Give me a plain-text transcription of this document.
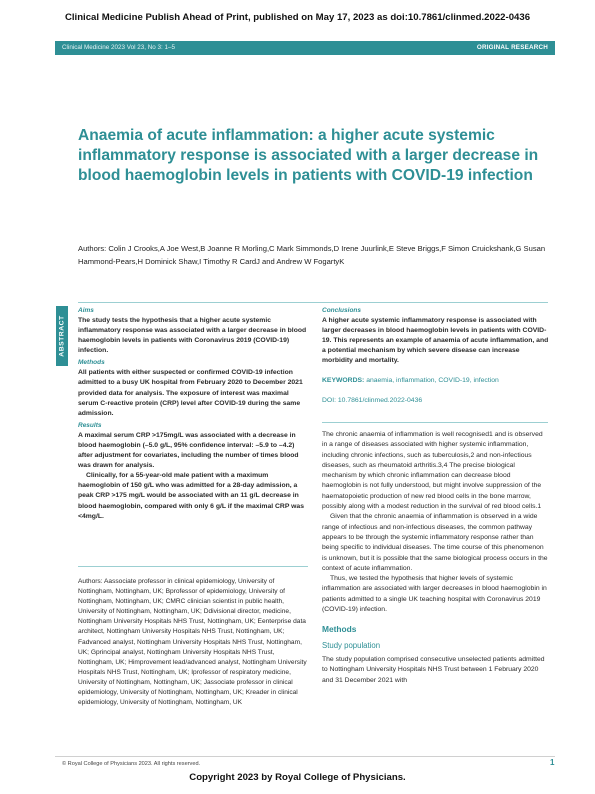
Clinical Medicine Publish Ahead of Print, published on May 17, 2023 as doi:10.7861/clinmed.2022-0436
Clinical Medicine 2023 Vol 23, No 3: 1–5	ORIGINAL RESEARCH
Anaemia of acute inflammation: a higher acute systemic inflammatory response is associated with a larger decrease in blood haemoglobin levels in patients with COVID-19 infection
Authors: Colin J Crooks,A Joe West,B Joanne R Morling,C Mark Simmonds,D Irene Juurlink,E Steve Briggs,F Simon Cruickshank,G Susan Hammond-Pears,H Dominick Shaw,I Timothy R CardJ and Andrew W FogartyK
ABSTRACT
Aims

The study tests the hypothesis that a higher acute systemic inflammatory response was associated with a larger decrease in blood haemoglobin levels in patients with Coronavirus 2019 (COVID-19) infection.

Methods

All patients with either suspected or confirmed COVID-19 infection admitted to a busy UK hospital from February 2020 to December 2021 provided data for analysis. The exposure of interest was maximal serum C-reactive protein (CRP) level after COVID-19 during the same admission.

Results

A maximal serum CRP >175mg/L was associated with a decrease in blood haemoglobin (–5.0 g/L, 95% confidence interval: –5.9 to –4.2) after adjustment for covariates, including the number of times blood was drawn for analysis.

Clinically, for a 55-year-old male patient with a maximum haemoglobin of 150 g/L who was admitted for a 28-day admission, a peak CRP >175 mg/L would be associated with an 11 g/L decrease in blood haemoglobin, compared with only 6 g/L if the maximal CRP was <4mg/L.

Conclusions

A higher acute systemic inflammatory response is associated with larger decreases in blood haemoglobin levels in patients with COVID-19. This represents an example of anaemia of acute inflammation, and a potential mechanism by which severe disease can increase morbidity and mortality.

KEYWORDS: anaemia, inflammation, COVID-19, infection
DOI: 10.7861/clinmed.2022-0436

The chronic anaemia of inflammation is well recognised1 and is observed in a range of diseases associated with higher systemic inflammation, including chronic infections, such as tuberculosis,2 and non-infectious diseases, such as rheumatoid arthritis.3,4 The precise biological mechanism by which chronic inflammation can decrease blood haemoglobin is not fully understood, but might involve suppression of the haematopoietic production of new red blood cells in the bone marrow, possibly along with a modest reduction in the survival of red blood cells.1

Given that the chronic anaemia of inflammation is observed in a wide range of infectious and non-infectious diseases, the common pathway appears to be through the systemic inflammatory response rather than being specific to individual diseases. The time course of this phenomenon is unknown, but it is possible that the same biological process occurs in the context of acute inflammation.

Thus, we tested the hypothesis that higher levels of systemic inflammation are associated with larger decreases in blood haemoglobin in patients admitted to a single UK teaching hospital with Coronavirus 2019 (COVID-19) infection.

Methods
Study population

The study population comprised consecutive unselected patients admitted to Nottingham University Hospitals NHS Trust between 1 February 2020 and 31 December 2021 with

Authors: Aassociate professor in clinical epidemiology, University of Nottingham, Nottingham, UK; Bprofessor of epidemiology, University of Nottingham, Nottingham, UK; CMRC clinician scientist in public health, University of Nottingham, Nottingham, UK; Ddivisional director, medicine, Nottingham University Hospitals NHS Trust, Nottingham, UK; Eenterprise data architect, Nottingham University Hospitals NHS Trust, Nottingham, UK; Fadvanced analyst, Nottingham University Hospitals NHS Trust, Nottingham, UK; Gprincipal analyst, Nottingham University Hospitals NHS Trust, Nottingham, UK; Himprovement lead/advanced analyst, Nottingham University Hospitals NHS Trust, Nottingham, UK; Iprofessor of respiratory medicine, University of Nottingham, Nottingham, UK; Jassociate professor in clinical epidemiology, University of Nottingham, Nottingham, UK; Kreader in clinical epidemiology, University of Nottingham, Nottingham, UK
© Royal College of Physicians 2023. All rights reserved.	1
Copyright 2023 by Royal College of Physicians.
